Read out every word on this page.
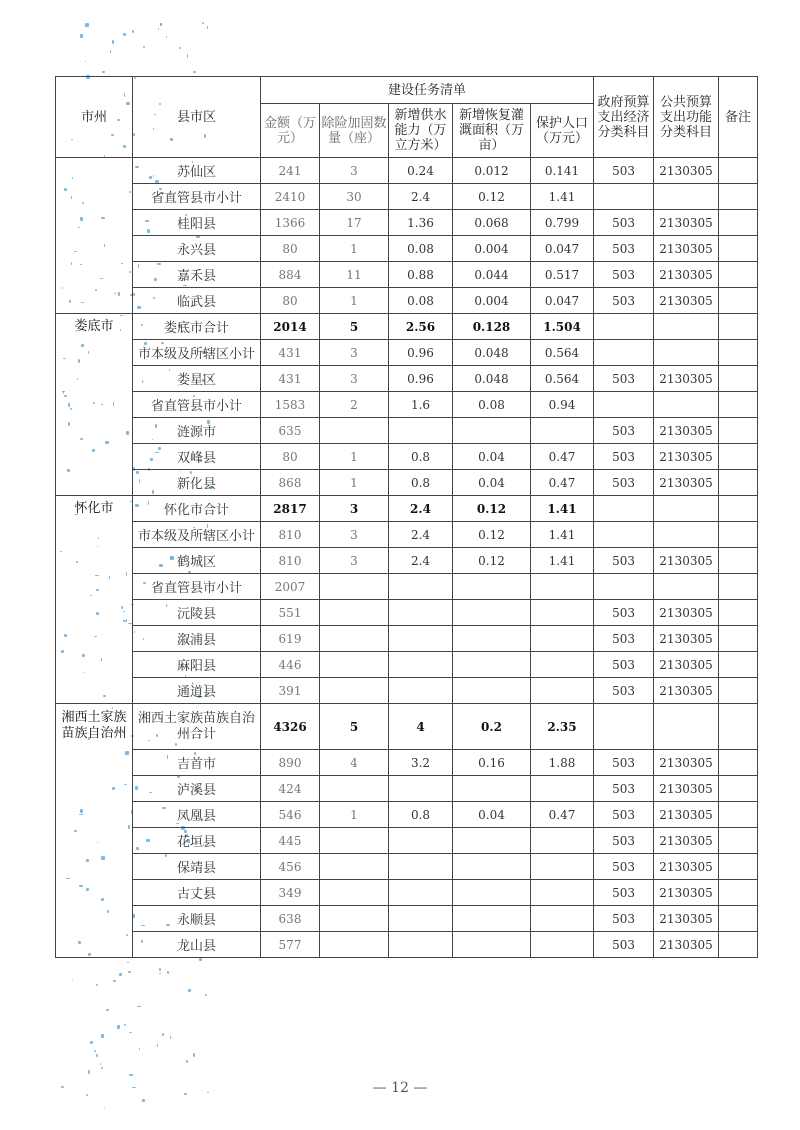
市州	县市区	建设任务清单					政府预算支出经济分类科目	公共预算支出功能分类科目	备注
		金额（万元）	除险加固数量（座）	新增供水能力（万立方米）	新增恢复灌溉面积（万亩）	保护人口（万元）			
	苏仙区	241	3	0.24	0.012	0.141	503	2130305	
	省直管县市小计	2410	30	2.4	0.12	1.41			
	桂阳县	1366	17	1.36	0.068	0.799	503	2130305	
	永兴县	80	1	0.08	0.004	0.047	503	2130305	
	嘉禾县	884	11	0.88	0.044	0.517	503	2130305	
	临武县	80	1	0.08	0.004	0.047	503	2130305	
娄底市	娄底市合计	2014	5	2.56	0.128	1.504			
	市本级及所辖区小计	431	3	0.96	0.048	0.564			
	娄星区	431	3	0.96	0.048	0.564	503	2130305	
	省直管县市小计	1583	2	1.6	0.08	0.94			
	涟源市	635					503	2130305	
	双峰县	80	1	0.8	0.04	0.47	503	2130305	
	新化县	868	1	0.8	0.04	0.47	503	2130305	
怀化市	怀化市合计	2817	3	2.4	0.12	1.41			
	市本级及所辖区小计	810	3	2.4	0.12	1.41			
	鹤城区	810	3	2.4	0.12	1.41	503	2130305	
	省直管县市小计	2007							
	沅陵县	551					503	2130305	
	溆浦县	619					503	2130305	
	麻阳县	446					503	2130305	
	通道县	391					503	2130305	
湘西土家族苗族自治州	湘西土家族苗族自治州合计	4326	5	4	0.2	2.35			
	吉首市	890	4	3.2	0.16	1.88	503	2130305	
	泸溪县	424					503	2130305	
	凤凰县	546	1	0.8	0.04	0.47	503	2130305	
	花垣县	445					503	2130305	
	保靖县	456					503	2130305	
	古丈县	349					503	2130305	
	永顺县	638					503	2130305	
	龙山县	577					503	2130305	
— 12 —
